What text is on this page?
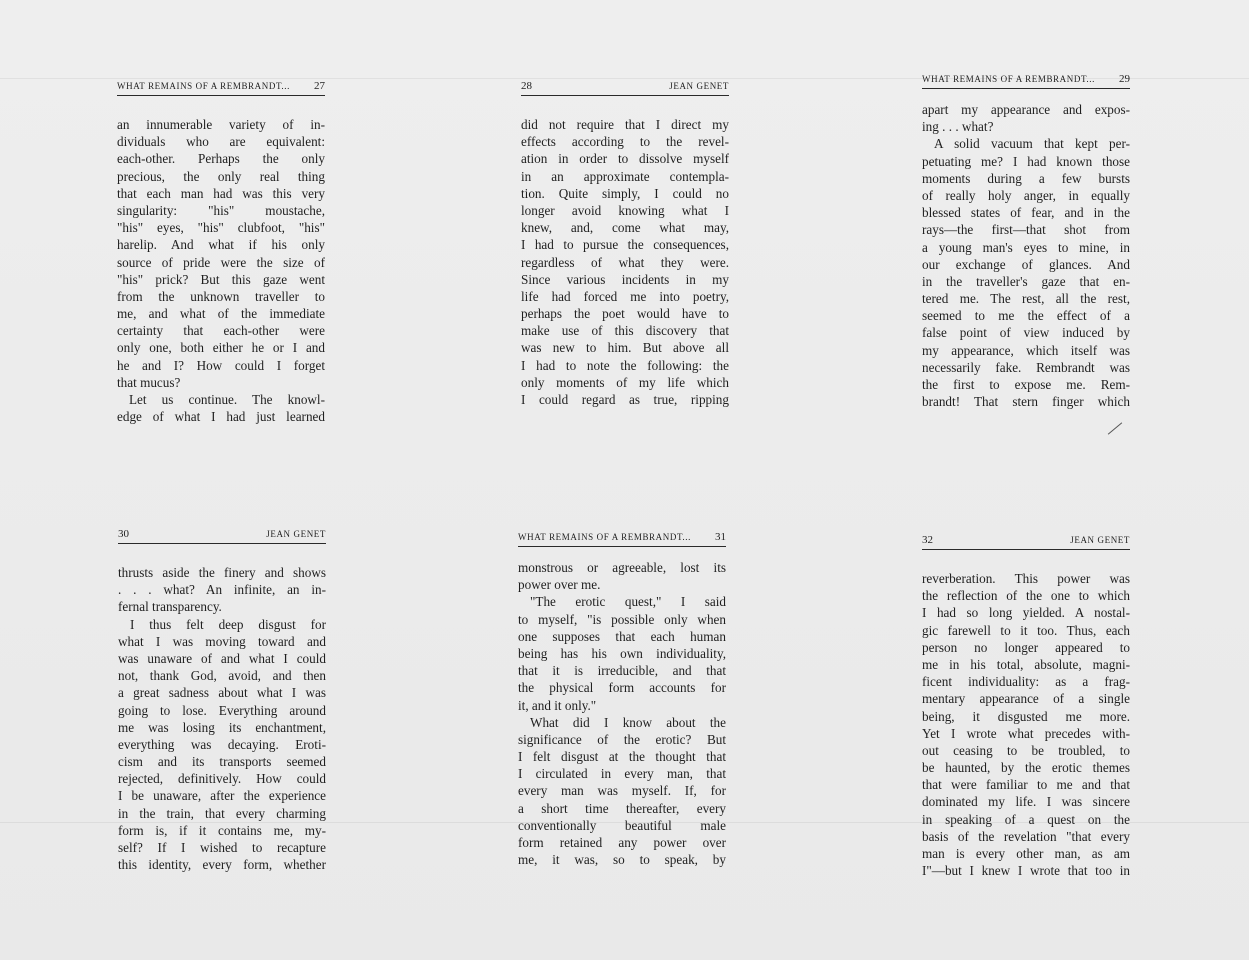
WHAT REMAINS OF A REMBRANDT... 27
an innumerable variety of in-
dividuals who are equivalent:
each-other. Perhaps the only
precious, the only real thing
that each man had was this very
singularity: "his" moustache,
"his" eyes, "his" clubfoot, "his"
harelip. And what if his only
source of pride were the size of
"his" prick? But this gaze went
from the unknown traveller to
me, and what of the immediate
certainty that each-other were
only one, both either he or I and
he and I? How could I forget
that mucus?
Let us continue. The knowl-
edge of what I had just learned
28	JEAN GENET
did not require that I direct my
effects according to the revel-
ation in order to dissolve myself
in an approximate contempla-
tion. Quite simply, I could no
longer avoid knowing what I
knew, and, come what may,
I had to pursue the consequences,
regardless of what they were.
Since various incidents in my
life had forced me into poetry,
perhaps the poet would have to
make use of this discovery that
was new to him. But above all
I had to note the following: the
only moments of my life which
I could regard as true, ripping
WHAT REMAINS OF A REMBRANDT... 29
apart my appearance and expos-
ing . . . what?
A solid vacuum that kept per-
petuating me? I had known those
moments during a few bursts
of really holy anger, in equally
blessed states of fear, and in the
rays—the first—that shot from
a young man's eyes to mine, in
our exchange of glances. And
in the traveller's gaze that en-
tered me. The rest, all the rest,
seemed to me the effect of a
false point of view induced by
my appearance, which itself was
necessarily fake. Rembrandt was
the first to expose me. Rem-
brandt! That stern finger which
30	JEAN GENET
thrusts aside the finery and shows
. . . what? An infinite, an in-
fernal transparency.
I thus felt deep disgust for
what I was moving toward and
was unaware of and what I could
not, thank God, avoid, and then
a great sadness about what I was
going to lose. Everything around
me was losing its enchantment,
everything was decaying. Eroti-
cism and its transports seemed
rejected, definitively. How could
I be unaware, after the experience
in the train, that every charming
form is, if it contains me, my-
self? If I wished to recapture
this identity, every form, whether
WHAT REMAINS OF A REMBRANDT... 31
monstrous or agreeable, lost its
power over me.
"The erotic quest," I said
to myself, "is possible only when
one supposes that each human
being has his own individuality,
that it is irreducible, and that
the physical form accounts for
it, and it only."
What did I know about the
significance of the erotic? But
I felt disgust at the thought that
I circulated in every man, that
every man was myself. If, for
a short time thereafter, every
conventionally beautiful male
form retained any power over
me, it was, so to speak, by
32	JEAN GENET
reverberation. This power was
the reflection of the one to which
I had so long yielded. A nostal-
gic farewell to it too. Thus, each
person no longer appeared to
me in his total, absolute, magni-
ficent individuality: as a frag-
mentary appearance of a single
being, it disgusted me more.
Yet I wrote what precedes with-
out ceasing to be troubled, to
be haunted, by the erotic themes
that were familiar to me and that
dominated my life. I was sincere
in speaking of a quest on the
basis of the revelation "that every
man is every other man, as am
I"—but I knew I wrote that too in
